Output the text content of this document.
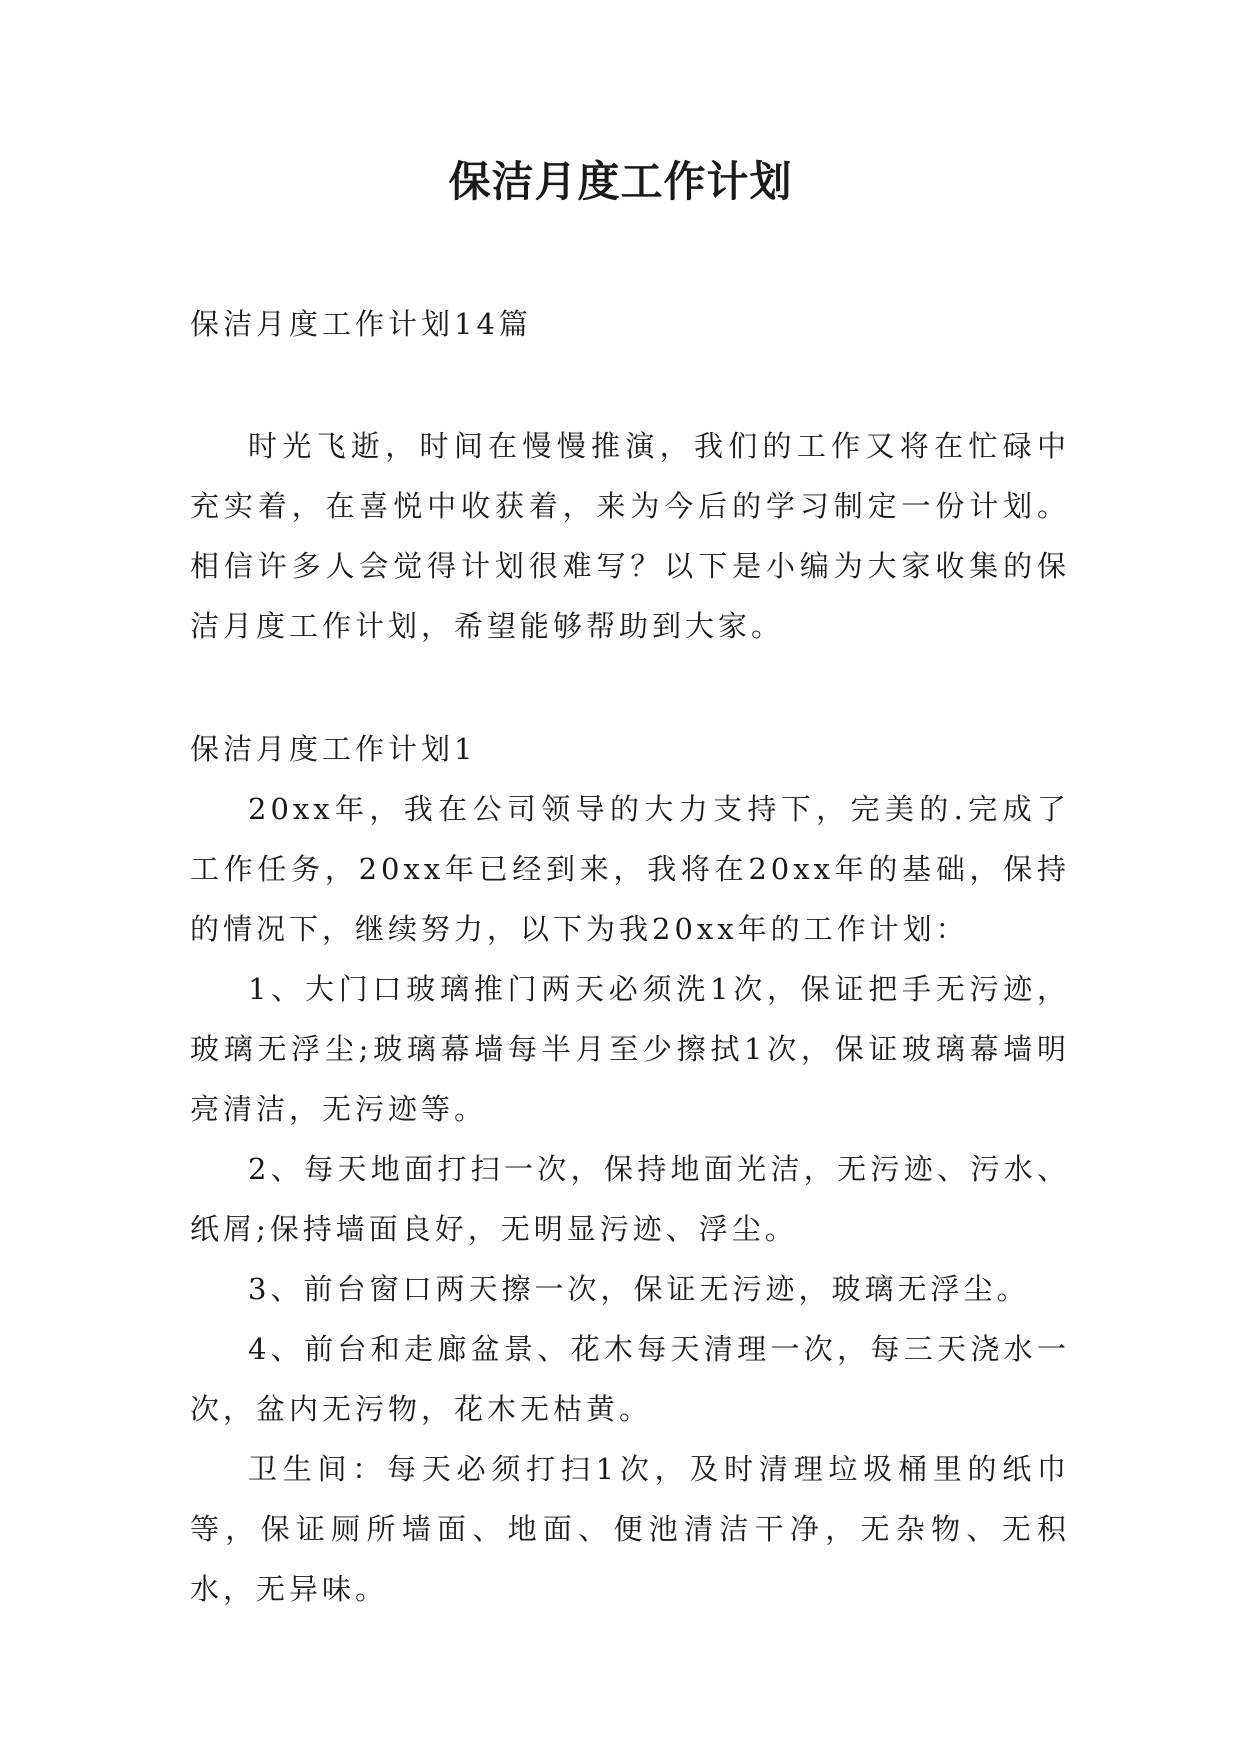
保洁月度工作计划

保洁月度工作计划14篇

时光飞逝，时间在慢慢推演，我们的工作又将在忙碌中充实着，在喜悦中收获着，来为今后的学习制定一份计划。相信许多人会觉得计划很难写？以下是小编为大家收集的保洁月度工作计划，希望能够帮助到大家。

保洁月度工作计划1

20xx年，我在公司领导的大力支持下，完美的.完成了工作任务，20xx年已经到来，我将在20xx年的基础，保持的情况下，继续努力，以下为我20xx年的工作计划：

1、大门口玻璃推门两天必须洗1次，保证把手无污迹，玻璃无浮尘;玻璃幕墙每半月至少擦拭1次，保证玻璃幕墙明亮清洁，无污迹等。

2、每天地面打扫一次，保持地面光洁，无污迹、污水、纸屑;保持墙面良好，无明显污迹、浮尘。

3、前台窗口两天擦一次，保证无污迹，玻璃无浮尘。

4、前台和走廊盆景、花木每天清理一次，每三天浇水一次，盆内无污物，花木无枯黄。

卫生间：每天必须打扫1次，及时清理垃圾桶里的纸巾等，保证厕所墙面、地面、便池清洁干净，无杂物、无积水，无异味。
